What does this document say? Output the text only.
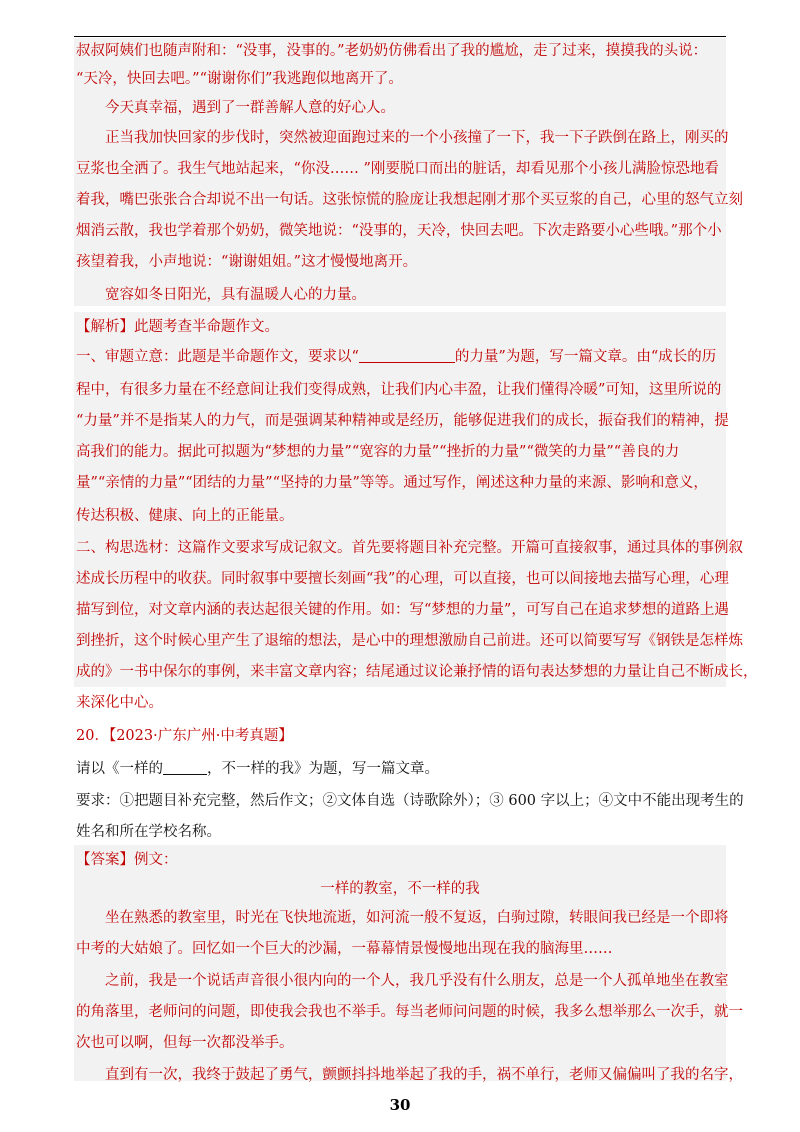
叔叔阿姨们也随声附和：“没事，没事的。”老奶奶仿佛看出了我的尴尬，走了过来，摸摸我的头说：
“天冷，快回去吧。”“谢谢你们”我逃跑似地离开了。
今天真幸福，遇到了一群善解人意的好心人。
正当我加快回家的步伐时，突然被迎面跑过来的一个小孩撞了一下，我一下子跌倒在路上，刚买的
豆浆也全洒了。我生气地站起来，“你没…… ”刚要脱口而出的脏话，却看见那个小孩儿满脸惊恐地看
着我，嘴巴张张合合却说不出一句话。这张惊慌的脸庞让我想起刚才那个买豆浆的自己，心里的怒气立刻
烟消云散，我也学着那个奶奶，微笑地说：“没事的，天冷，快回去吧。下次走路要小心些哦。”那个小
孩望着我，小声地说：“谢谢姐姐。”这才慢慢地离开。
宽容如冬日阳光，具有温暖人心的力量。
【解析】此题考查半命题作文。
一、审题立意：此题是半命题作文，要求以“	的力量”为题，写一篇文章。由“成长的历
程中，有很多力量在不经意间让我们变得成熟，让我们内心丰盈，让我们懂得冷暖”可知，这里所说的
“力量”并不是指某人的力气，而是强调某种精神或是经历，能够促进我们的成长，振奋我们的精神，提
高我们的能力。据此可拟题为“梦想的力量”“宽容的力量”“挫折的力量”“微笑的力量”“善良的力
量”“亲情的力量”“团结的力量”“坚持的力量”等等。通过写作，阐述这种力量的来源、影响和意义，
传达积极、健康、向上的正能量。
二、构思选材：这篇作文要求写成记叙文。首先要将题目补充完整。开篇可直接叙事，通过具体的事例叙
述成长历程中的收获。同时叙事中要擅长刻画“我”的心理，可以直接，也可以间接地去描写心理，心理
描写到位，对文章内涵的表达起很关键的作用。如：写“梦想的力量”，可写自己在追求梦想的道路上遇
到挫折，这个时候心里产生了退缩的想法，是心中的理想激励自己前进。还可以简要写写《钢铁是怎样炼
成的》一书中保尔的事例，来丰富文章内容；结尾通过议论兼抒情的语句表达梦想的力量让自己不断成长，
来深化中心。
20．【2023·广东广州·中考真题】
请以《一样的	，不一样的我》为题，写一篇文章。
要求：①把题目补充完整，然后作文；②文体自选（诗歌除外）；③ 600 字以上；④文中不能出现考生的
姓名和所在学校名称。
【答案】例文：
一样的教室，不一样的我
坐在熟悉的教室里，时光在飞快地流逝，如河流一般不复返，白驹过隙，转眼间我已经是一个即将
中考的大姑娘了。回忆如一个巨大的沙漏，一幕幕情景慢慢地出现在我的脑海里……
之前，我是一个说话声音很小很内向的一个人，我几乎没有什么朋友，总是一个人孤单地坐在教室
的角落里，老师问的问题，即使我会我也不举手。每当老师问问题的时候，我多么想举那么一次手，就一
次也可以啊，但每一次都没举手。
直到有一次，我终于鼓起了勇气，颤颤抖抖地举起了我的手，祸不单行，老师又偏偏叫了我的名字，
30
